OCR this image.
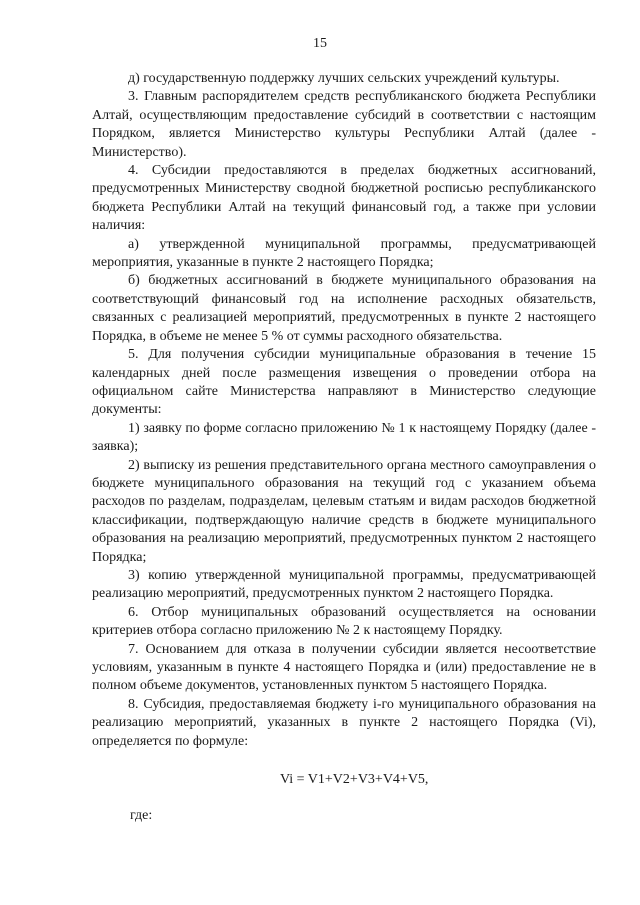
15

д) государственную поддержку лучших сельских учреждений культуры.

3. Главным распорядителем средств республиканского бюджета Республики Алтай, осуществляющим предоставление субсидий в соответствии с настоящим Порядком, является Министерство культуры Республики Алтай (далее - Министерство).

4. Субсидии предоставляются в пределах бюджетных ассигнований, предусмотренных Министерству сводной бюджетной росписью республиканского бюджета Республики Алтай на текущий финансовый год, а также при условии наличия:

а) утвержденной муниципальной программы, предусматривающей мероприятия, указанные в пункте 2 настоящего Порядка;

б) бюджетных ассигнований в бюджете муниципального образования на соответствующий финансовый год на исполнение расходных обязательств, связанных с реализацией мероприятий, предусмотренных в пункте 2 настоящего Порядка, в объеме не менее 5 % от суммы расходного обязательства.

5. Для получения субсидии муниципальные образования в течение 15 календарных дней после размещения извещения о проведении отбора на официальном сайте Министерства направляют в Министерство следующие документы:

1) заявку по форме согласно приложению № 1 к настоящему Порядку (далее - заявка);

2) выписку из решения представительного органа местного самоуправления о бюджете муниципального образования на текущий год с указанием объема расходов по разделам, подразделам, целевым статьям и видам расходов бюджетной классификации, подтверждающую наличие средств в бюджете муниципального образования на реализацию мероприятий, предусмотренных пунктом 2 настоящего Порядка;

3) копию утвержденной муниципальной программы, предусматривающей реализацию мероприятий, предусмотренных пунктом 2 настоящего Порядка.

6. Отбор муниципальных образований осуществляется на основании критериев отбора согласно приложению № 2 к настоящему Порядку.

7. Основанием для отказа в получении субсидии является несоответствие условиям, указанным в пункте 4 настоящего Порядка и (или) предоставление не в полном объеме документов, установленных пунктом 5 настоящего Порядка.

8. Субсидия, предоставляемая бюджету i-го муниципального образования на реализацию мероприятий, указанных в пункте 2 настоящего Порядка (Vi), определяется по формуле:

Vi = V1+V2+V3+V4+V5,

где:
